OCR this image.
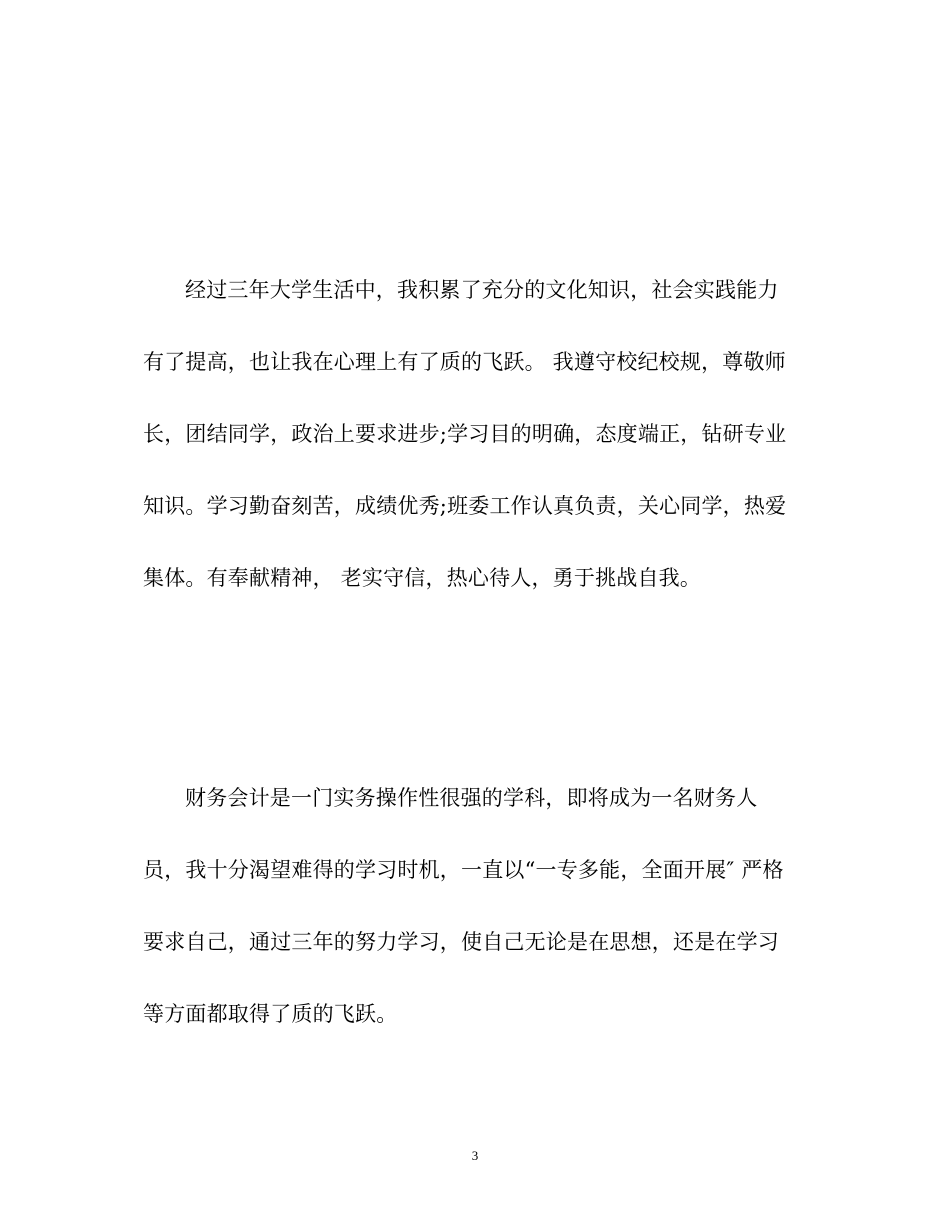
经过三年大学生活中，我积累了充分的文化知识，社会实践能力
有了提高，也让我在心理上有了质的飞跃。 我遵守校纪校规，尊敬师
长，团结同学，政治上要求进步;学习目的明确，态度端正，钻研专业
知识。学习勤奋刻苦，成绩优秀;班委工作认真负责，关心同学，热爱
集体。有奉献精神， 老实守信，热心待人，勇于挑战自我。
财务会计是一门实务操作性很强的学科，即将成为一名财务人
员，我十分渴望难得的学习时机，一直以“一专多能，全面开展″ 严格
要求自己，通过三年的努力学习，使自己无论是在思想，还是在学习
等方面都取得了质的飞跃。
3
